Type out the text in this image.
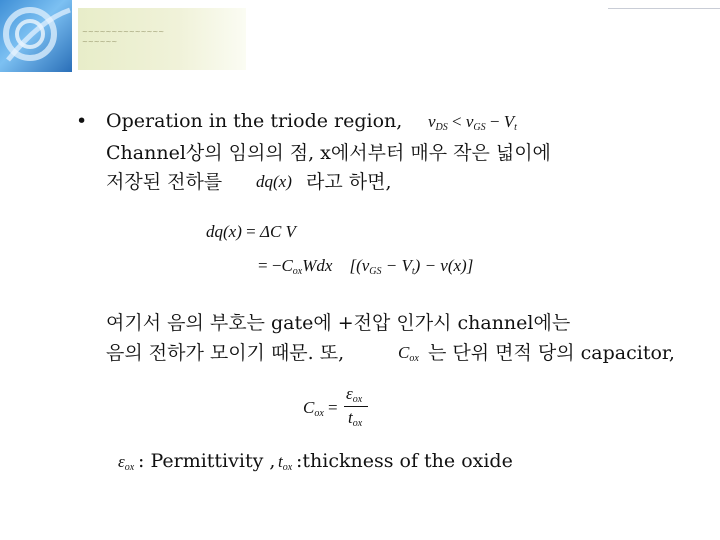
~~~~~~~~~~~~~~
~~~~~~
• Operation in the triode region, $v_{DS} < v_{GS} - V_t$
Channel상의 임의의 점, x에서부터 매우 작은 넓이에
저장된 전하를 dq(x) 라고 하면,
dq(x) = ΔC V
= $-C_{ox}Wdx$ $[(v_{GS} - V_t) - v(x)]$
여기서 음의 부호는 gate에 +전압 인가시 channel에는
음의 전하가 모이기 때문. 또,	$C_{ox}$ 는 단위 면적 당의 capacitor,
$C_{ox}$ =
$\varepsilon_{ox}$
$t_{ox}$
$\varepsilon_{ox}$ : Permittivity , $t_{ox}$ :thickness of the oxide
